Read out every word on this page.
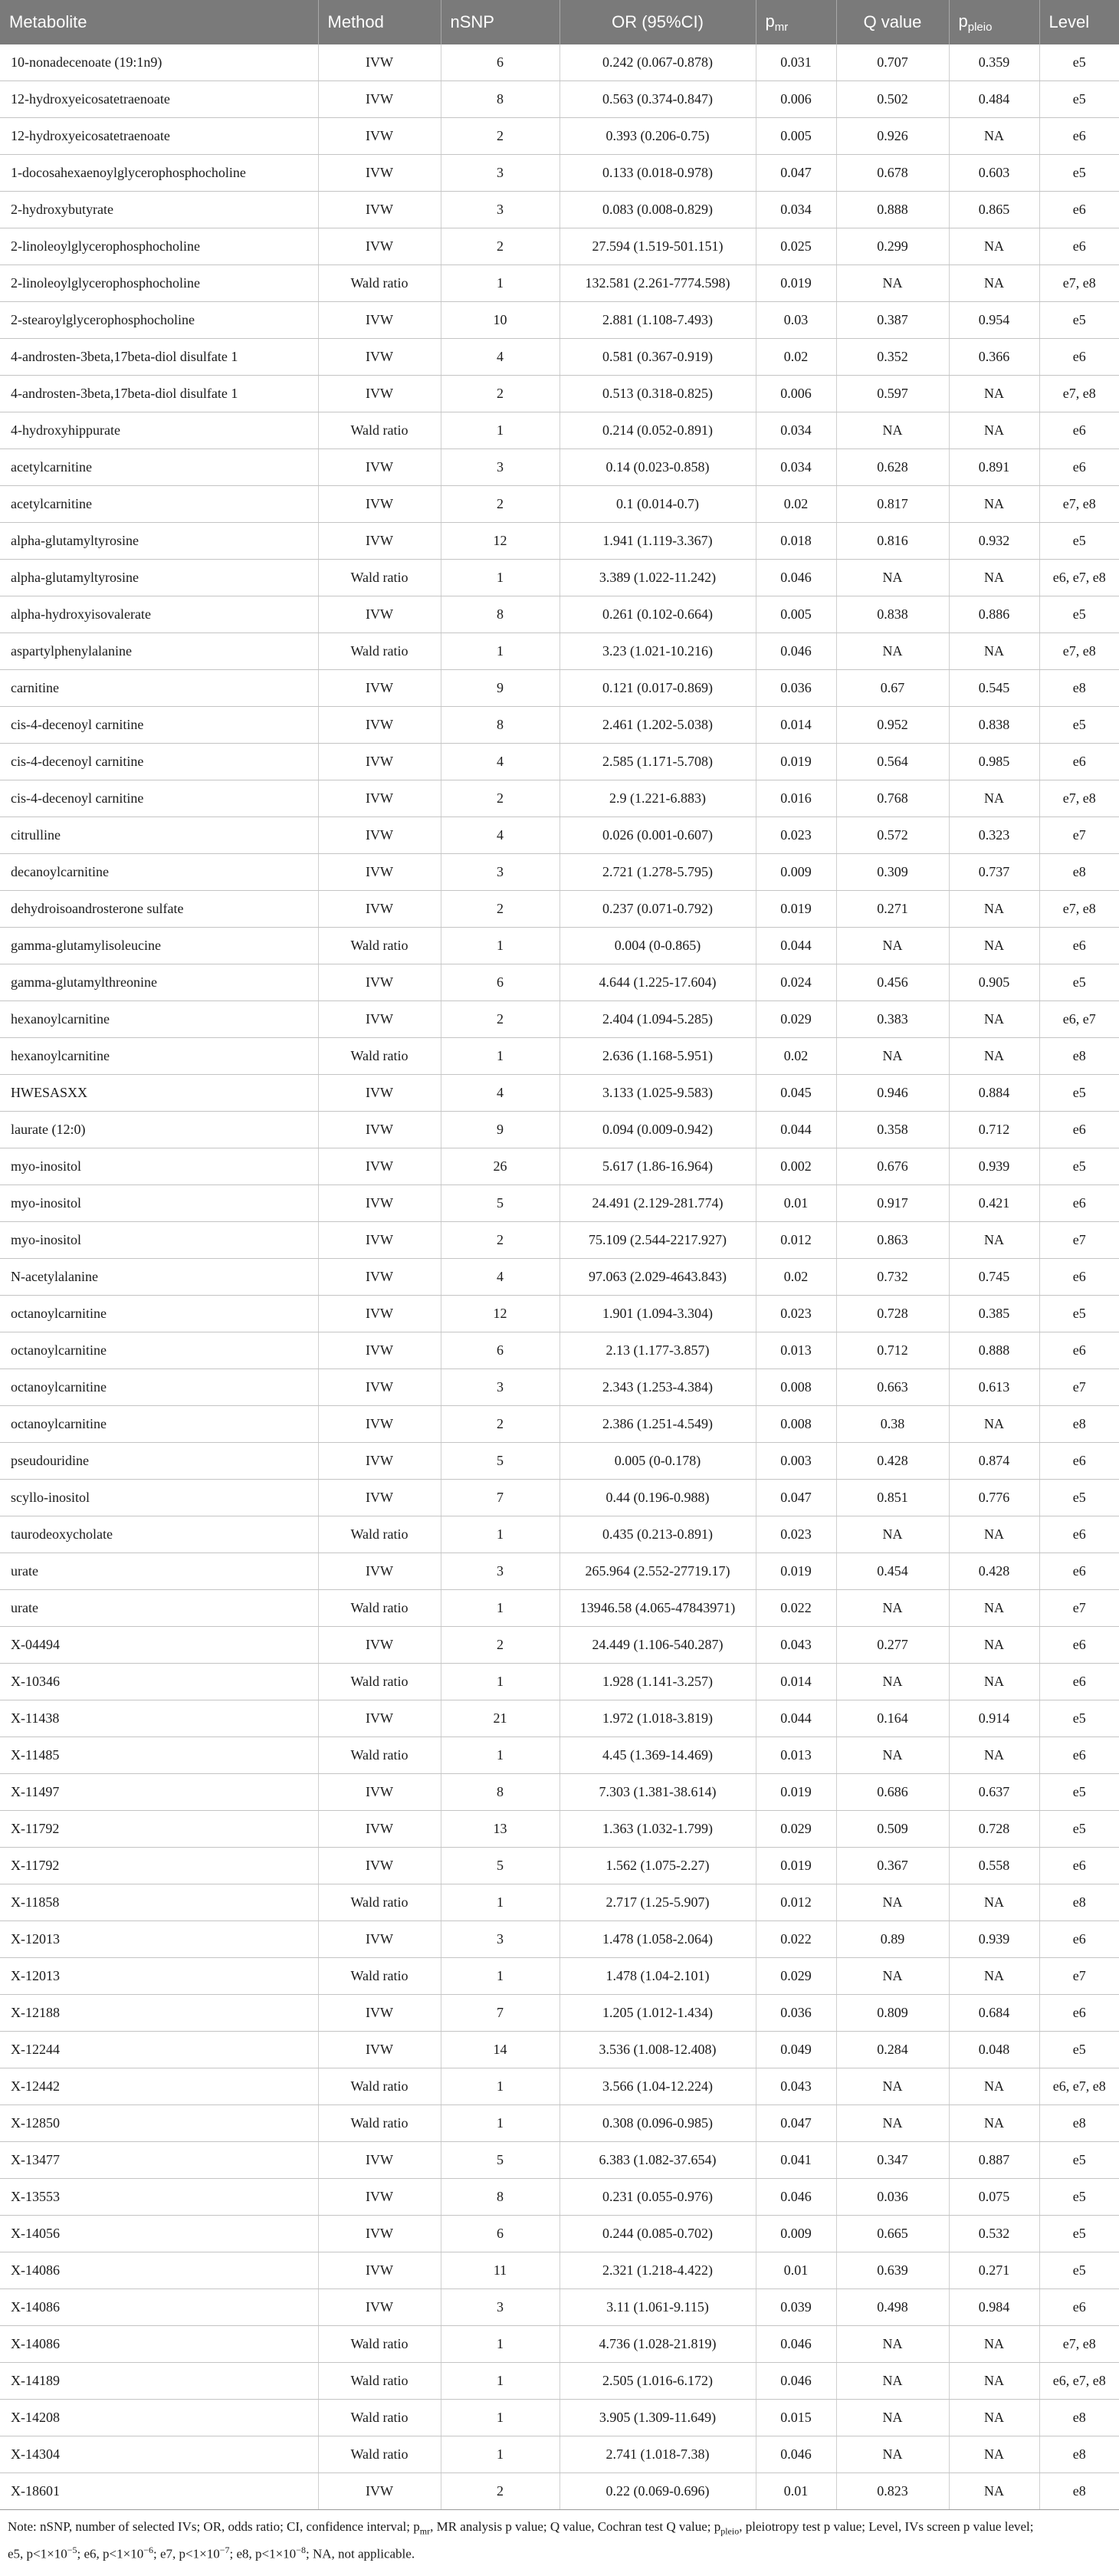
Metabolite	Method	nSNP	OR (95%CI)	$p_{mr}$	Q value	$p_{pleio}$	Level
10-nonadecenoate (19:1n9)	IVW	6	0.242 (0.067-0.878)	0.031	0.707	0.359	e5
12-hydroxyeicosatetraenoate	IVW	8	0.563 (0.374-0.847)	0.006	0.502	0.484	e5
12-hydroxyeicosatetraenoate	IVW	2	0.393 (0.206-0.75)	0.005	0.926	NA	e6
1-docosahexaenoylglycerophosphocholine	IVW	3	0.133 (0.018-0.978)	0.047	0.678	0.603	e5
2-hydroxybutyrate	IVW	3	0.083 (0.008-0.829)	0.034	0.888	0.865	e6
2-linoleoylglycerophosphocholine	IVW	2	27.594 (1.519-501.151)	0.025	0.299	NA	e6
2-linoleoylglycerophosphocholine	Wald ratio	1	132.581 (2.261-7774.598)	0.019	NA	NA	e7, e8
2-stearoylglycerophosphocholine	IVW	10	2.881 (1.108-7.493)	0.03	0.387	0.954	e5
4-androsten-3beta,17beta-diol disulfate 1	IVW	4	0.581 (0.367-0.919)	0.02	0.352	0.366	e6
4-androsten-3beta,17beta-diol disulfate 1	IVW	2	0.513 (0.318-0.825)	0.006	0.597	NA	e7, e8
4-hydroxyhippurate	Wald ratio	1	0.214 (0.052-0.891)	0.034	NA	NA	e6
acetylcarnitine	IVW	3	0.14 (0.023-0.858)	0.034	0.628	0.891	e6
acetylcarnitine	IVW	2	0.1 (0.014-0.7)	0.02	0.817	NA	e7, e8
alpha-glutamyltyrosine	IVW	12	1.941 (1.119-3.367)	0.018	0.816	0.932	e5
alpha-glutamyltyrosine	Wald ratio	1	3.389 (1.022-11.242)	0.046	NA	NA	e6, e7, e8
alpha-hydroxyisovalerate	IVW	8	0.261 (0.102-0.664)	0.005	0.838	0.886	e5
aspartylphenylalanine	Wald ratio	1	3.23 (1.021-10.216)	0.046	NA	NA	e7, e8
carnitine	IVW	9	0.121 (0.017-0.869)	0.036	0.67	0.545	e8
cis-4-decenoyl carnitine	IVW	8	2.461 (1.202-5.038)	0.014	0.952	0.838	e5
cis-4-decenoyl carnitine	IVW	4	2.585 (1.171-5.708)	0.019	0.564	0.985	e6
cis-4-decenoyl carnitine	IVW	2	2.9 (1.221-6.883)	0.016	0.768	NA	e7, e8
citrulline	IVW	4	0.026 (0.001-0.607)	0.023	0.572	0.323	e7
decanoylcarnitine	IVW	3	2.721 (1.278-5.795)	0.009	0.309	0.737	e8
dehydroisoandrosterone sulfate	IVW	2	0.237 (0.071-0.792)	0.019	0.271	NA	e7, e8
gamma-glutamylisoleucine	Wald ratio	1	0.004 (0-0.865)	0.044	NA	NA	e6
gamma-glutamylthreonine	IVW	6	4.644 (1.225-17.604)	0.024	0.456	0.905	e5
hexanoylcarnitine	IVW	2	2.404 (1.094-5.285)	0.029	0.383	NA	e6, e7
hexanoylcarnitine	Wald ratio	1	2.636 (1.168-5.951)	0.02	NA	NA	e8
HWESASXX	IVW	4	3.133 (1.025-9.583)	0.045	0.946	0.884	e5
laurate (12:0)	IVW	9	0.094 (0.009-0.942)	0.044	0.358	0.712	e6
myo-inositol	IVW	26	5.617 (1.86-16.964)	0.002	0.676	0.939	e5
myo-inositol	IVW	5	24.491 (2.129-281.774)	0.01	0.917	0.421	e6
myo-inositol	IVW	2	75.109 (2.544-2217.927)	0.012	0.863	NA	e7
N-acetylalanine	IVW	4	97.063 (2.029-4643.843)	0.02	0.732	0.745	e6
octanoylcarnitine	IVW	12	1.901 (1.094-3.304)	0.023	0.728	0.385	e5
octanoylcarnitine	IVW	6	2.13 (1.177-3.857)	0.013	0.712	0.888	e6
octanoylcarnitine	IVW	3	2.343 (1.253-4.384)	0.008	0.663	0.613	e7
octanoylcarnitine	IVW	2	2.386 (1.251-4.549)	0.008	0.38	NA	e8
pseudouridine	IVW	5	0.005 (0-0.178)	0.003	0.428	0.874	e6
scyllo-inositol	IVW	7	0.44 (0.196-0.988)	0.047	0.851	0.776	e5
taurodeoxycholate	Wald ratio	1	0.435 (0.213-0.891)	0.023	NA	NA	e6
urate	IVW	3	265.964 (2.552-27719.17)	0.019	0.454	0.428	e6
urate	Wald ratio	1	13946.58 (4.065-47843971)	0.022	NA	NA	e7
X-04494	IVW	2	24.449 (1.106-540.287)	0.043	0.277	NA	e6
X-10346	Wald ratio	1	1.928 (1.141-3.257)	0.014	NA	NA	e6
X-11438	IVW	21	1.972 (1.018-3.819)	0.044	0.164	0.914	e5
X-11485	Wald ratio	1	4.45 (1.369-14.469)	0.013	NA	NA	e6
X-11497	IVW	8	7.303 (1.381-38.614)	0.019	0.686	0.637	e5
X-11792	IVW	13	1.363 (1.032-1.799)	0.029	0.509	0.728	e5
X-11792	IVW	5	1.562 (1.075-2.27)	0.019	0.367	0.558	e6
X-11858	Wald ratio	1	2.717 (1.25-5.907)	0.012	NA	NA	e8
X-12013	IVW	3	1.478 (1.058-2.064)	0.022	0.89	0.939	e6
X-12013	Wald ratio	1	1.478 (1.04-2.101)	0.029	NA	NA	e7
X-12188	IVW	7	1.205 (1.012-1.434)	0.036	0.809	0.684	e6
X-12244	IVW	14	3.536 (1.008-12.408)	0.049	0.284	0.048	e5
X-12442	Wald ratio	1	3.566 (1.04-12.224)	0.043	NA	NA	e6, e7, e8
X-12850	Wald ratio	1	0.308 (0.096-0.985)	0.047	NA	NA	e8
X-13477	IVW	5	6.383 (1.082-37.654)	0.041	0.347	0.887	e5
X-13553	IVW	8	0.231 (0.055-0.976)	0.046	0.036	0.075	e5
X-14056	IVW	6	0.244 (0.085-0.702)	0.009	0.665	0.532	e5
X-14086	IVW	11	2.321 (1.218-4.422)	0.01	0.639	0.271	e5
X-14086	IVW	3	3.11 (1.061-9.115)	0.039	0.498	0.984	e6
X-14086	Wald ratio	1	4.736 (1.028-21.819)	0.046	NA	NA	e7, e8
X-14189	Wald ratio	1	2.505 (1.016-6.172)	0.046	NA	NA	e6, e7, e8
X-14208	Wald ratio	1	3.905 (1.309-11.649)	0.015	NA	NA	e8
X-14304	Wald ratio	1	2.741 (1.018-7.38)	0.046	NA	NA	e8
X-18601	IVW	2	0.22 (0.069-0.696)	0.01	0.823	NA	e8
Note: nSNP, number of selected IVs; OR, odds ratio; CI, confidence interval; $p_{mr}$, MR analysis p value; Q value, Cochran test Q value; $p_{pleio}$, pleiotropy test p value; Level, IVs screen p value level;
e5, $p<1\times 10^{-5}$; e6, $p<1\times 10^{-6}$; e7, $p<1\times 10^{-7}$; e8, $p<1\times 10^{-8}$; NA, not applicable.
